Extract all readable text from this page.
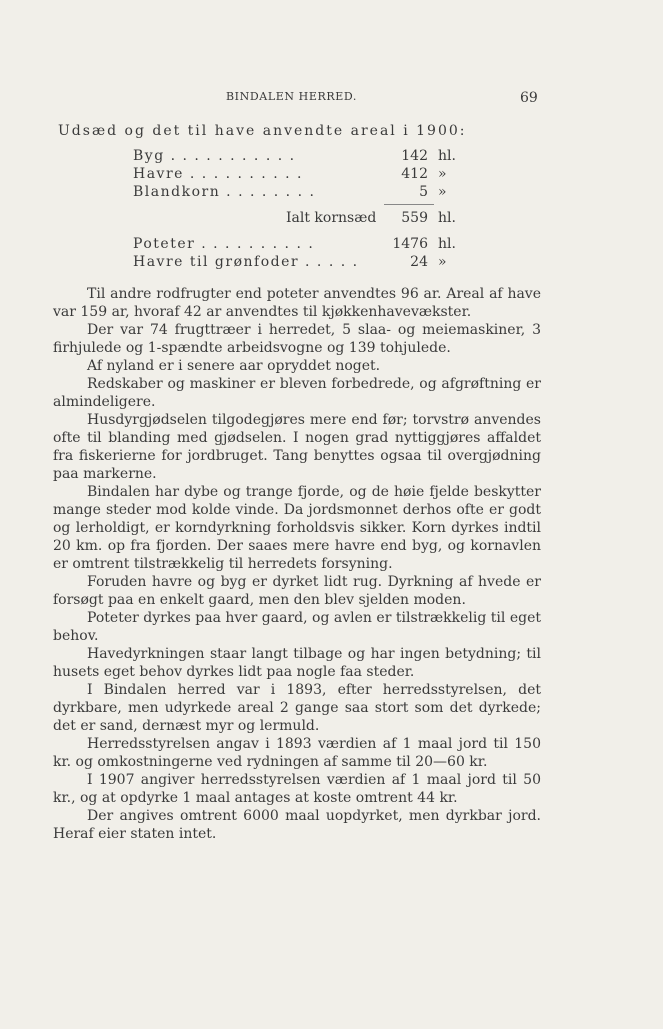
BINDALEN HERRED.	69
Udsæd og det til have anvendte areal i 1900:
Byg . . . . . . . . . . .	142 hl.
Havre . . . . . . . . . .	412 »
Blandkorn . . . . . . . .	5 »
Ialt kornsæd	559 hl.
Poteter . . . . . . . . . .	1476 hl.
Havre til grønfoder . . . . .	24 »

Til andre rodfrugter end poteter anvendtes 96 ar. Areal af have var 159 ar, hvoraf 42 ar anvendtes til kjøkkenhavevækster.

Der var 74 frugttræer i herredet, 5 slaa- og meiemaskiner, 3 firhjulede og 1-spændte arbeidsvogne og 139 tohjulede.

Af nyland er i senere aar opryddet noget.

Redskaber og maskiner er bleven forbedrede, og afgrøftning er almindeligere.

Husdyrgjødselen tilgodegjøres mere end før; torvstrø anvendes ofte til blanding med gjødselen. I nogen grad nyttiggjøres affaldet fra fiskerierne for jordbruget. Tang benyttes ogsaa til overgjødning paa markerne.

Bindalen har dybe og trange fjorde, og de høie fjelde beskytter mange steder mod kolde vinde. Da jordsmonnet derhos ofte er godt og lerholdigt, er korndyrkning forholdsvis sikker. Korn dyrkes indtil 20 km. op fra fjorden. Der saaes mere havre end byg, og kornavlen er omtrent tilstrækkelig til herredets forsyning.

Foruden havre og byg er dyrket lidt rug. Dyrkning af hvede er forsøgt paa en enkelt gaard, men den blev sjelden moden.

Poteter dyrkes paa hver gaard, og avlen er tilstrækkelig til eget behov.

Havedyrkningen staar langt tilbage og har ingen betydning; til husets eget behov dyrkes lidt paa nogle faa steder.

I Bindalen herred var i 1893, efter herredsstyrelsen, det dyrkbare, men udyrkede areal 2 gange saa stort som det dyrkede; det er sand, dernæst myr og lermuld.

Herredsstyrelsen angav i 1893 værdien af 1 maal jord til 150 kr. og omkostningerne ved rydningen af samme til 20—60 kr.

I 1907 angiver herredsstyrelsen værdien af 1 maal jord til 50 kr., og at opdyrke 1 maal antages at koste omtrent 44 kr.

Der angives omtrent 6000 maal uopdyrket, men dyrkbar jord. Heraf eier staten intet.
